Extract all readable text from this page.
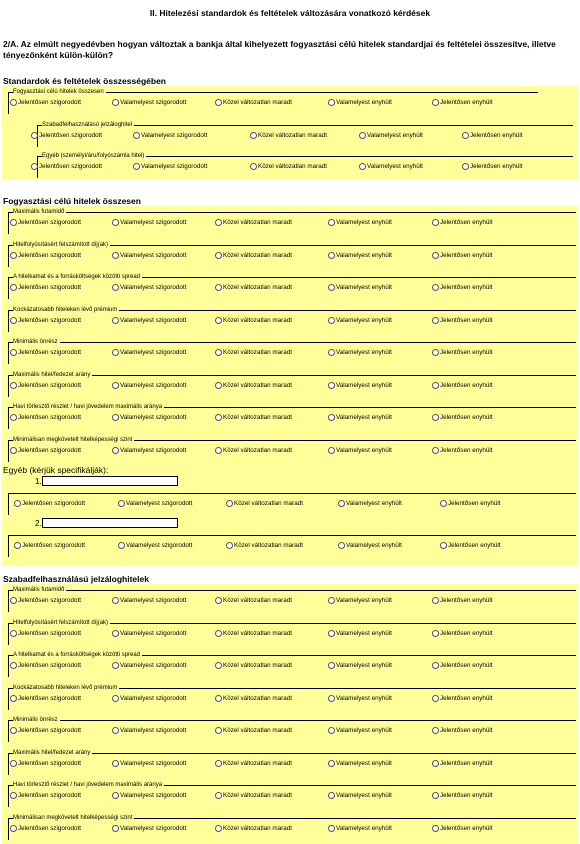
II. Hitelezési standardok és feltételek változására vonatkozó kérdések
2/A. Az elmúlt negyedévben hogyan változtak a bankja által kihelyezett fogyasztási célú hitelek standardjai és feltételei összesítve, illetve tényezőnként külön-külön?
Standardok és feltételek összességében
Fogyasztási célú hitelek összesen
Jelentősen szigorodott	Valamelyest szigorodott	Közel változatlan maradt	Valamelyest enyhült	Jelentősen enyhült
Szabadfelhasználású jelzáloghitel
Jelentősen szigorodott	Valamelyest szigorodott	Közel változatlan maradt	Valamelyest enyhült	Jelentősen enyhült
Egyéb (személyi/áru/folyószámla hitel)
Jelentősen szigorodott	Valamelyest szigorodott	Közel változatlan maradt	Valamelyest enyhült	Jelentősen enyhült
Fogyasztási célú hitelek összesen
Maximális futamidő
Jelentősen szigorodott	Valamelyest szigorodott	Közel változatlan maradt	Valamelyest enyhült	Jelentősen enyhült
Hitelfolyósításért felszámított díj(ak)
Jelentősen szigorodott	Valamelyest szigorodott	Közel változatlan maradt	Valamelyest enyhült	Jelentősen enyhült
A hitelkamat és a forrásköltségek közötti spread
Jelentősen szigorodott	Valamelyest szigorodott	Közel változatlan maradt	Valamelyest enyhült	Jelentősen enyhült
Kockázatosabb hiteleken lévő prémium
Jelentősen szigorodott	Valamelyest szigorodott	Közel változatlan maradt	Valamelyest enyhült	Jelentősen enyhült
Minimális önrész
Jelentősen szigorodott	Valamelyest szigorodott	Közel változatlan maradt	Valamelyest enyhült	Jelentősen enyhült
Maximális hitel/fedezet arány
Jelentősen szigorodott	Valamelyest szigorodott	Közel változatlan maradt	Valamelyest enyhült	Jelentősen enyhült
Havi törlesztő részlet / havi jövedelem maximális aránya
Jelentősen szigorodott	Valamelyest szigorodott	Közel változatlan maradt	Valamelyest enyhült	Jelentősen enyhült
Minimálisan megkövetelt hitelképességi szint
Jelentősen szigorodott	Valamelyest szigorodott	Közel változatlan maradt	Valamelyest enyhült	Jelentősen enyhült
Egyéb (kérjük specifikálják):
1.
Jelentősen szigorodott	Valamelyest szigorodott	Közel változatlan maradt	Valamelyest enyhült	Jelentősen enyhült
2.
Jelentősen szigorodott	Valamelyest szigorodott	Közel változatlan maradt	Valamelyest enyhült	Jelentősen enyhült
Szabadfelhasználású jelzáloghitelek
Maximális futamidő
Jelentősen szigorodott	Valamelyest szigorodott	Közel változatlan maradt	Valamelyest enyhült	Jelentősen enyhült
Hitelfolyósításért felszámított díj(ak)
Jelentősen szigorodott	Valamelyest szigorodott	Közel változatlan maradt	Valamelyest enyhült	Jelentősen enyhült
A hitelkamat és a forrásköltségek közötti spread
Jelentősen szigorodott	Valamelyest szigorodott	Közel változatlan maradt	Valamelyest enyhült	Jelentősen enyhült
Kockázatosabb hiteleken lévő prémium
Jelentősen szigorodott	Valamelyest szigorodott	Közel változatlan maradt	Valamelyest enyhült	Jelentősen enyhült
Minimális önrész
Jelentősen szigorodott	Valamelyest szigorodott	Közel változatlan maradt	Valamelyest enyhült	Jelentősen enyhült
Maximális hitel/fedezet arány
Jelentősen szigorodott	Valamelyest szigorodott	Közel változatlan maradt	Valamelyest enyhült	Jelentősen enyhült
Havi törlesztő részlet / havi jövedelem maximális aránya
Jelentősen szigorodott	Valamelyest szigorodott	Közel változatlan maradt	Valamelyest enyhült	Jelentősen enyhült
Minimálisan megkövetelt hitelképességi szint
Jelentősen szigorodott	Valamelyest szigorodott	Közel változatlan maradt	Valamelyest enyhült	Jelentősen enyhült
